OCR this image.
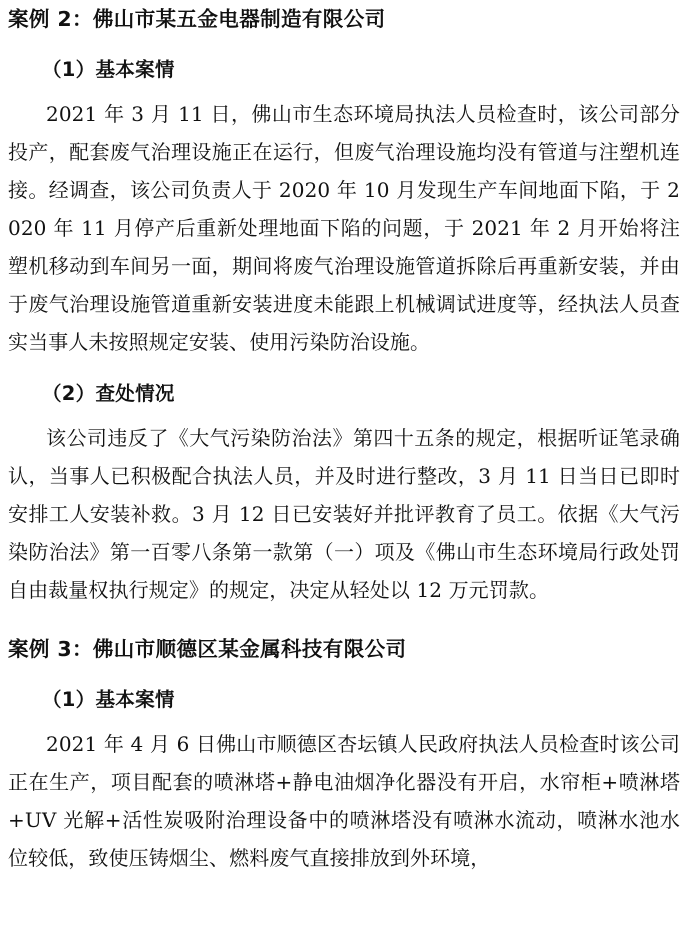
案例 2：佛山市某五金电器制造有限公司
（1）基本案情

2021 年 3 月 11 日，佛山市生态环境局执法人员检查时，该公司部分投产，配套废气治理设施正在运行，但废气治理设施均没有管道与注塑机连接。经调查，该公司负责人于 2020 年 10 月发现生产车间地面下陷，于 2020 年 11 月停产后重新处理地面下陷的问题，于 2021 年 2 月开始将注塑机移动到车间另一面，期间将废气治理设施管道拆除后再重新安装，并由于废气治理设施管道重新安装进度未能跟上机械调试进度等，经执法人员查实当事人未按照规定安装、使用污染防治设施。

（2）查处情况

该公司违反了《大气污染防治法》第四十五条的规定，根据听证笔录确认，当事人已积极配合执法人员，并及时进行整改，3 月 11 日当日已即时安排工人安装补救。3 月 12 日已安装好并批评教育了员工。依据《大气污染防治法》第一百零八条第一款第（一）项及《佛山市生态环境局行政处罚自由裁量权执行规定》的规定，决定从轻处以 12 万元罚款。

案例 3：佛山市顺德区某金属科技有限公司
（1）基本案情

2021 年 4 月 6 日佛山市顺德区杏坛镇人民政府执法人员检查时该公司正在生产，项目配套的喷淋塔+静电油烟净化器没有开启，水帘柜+喷淋塔+UV 光解+活性炭吸附治理设备中的喷淋塔没有喷淋水流动，喷淋水池水位较低，致使压铸烟尘、燃料废气直接排放到外环境，
